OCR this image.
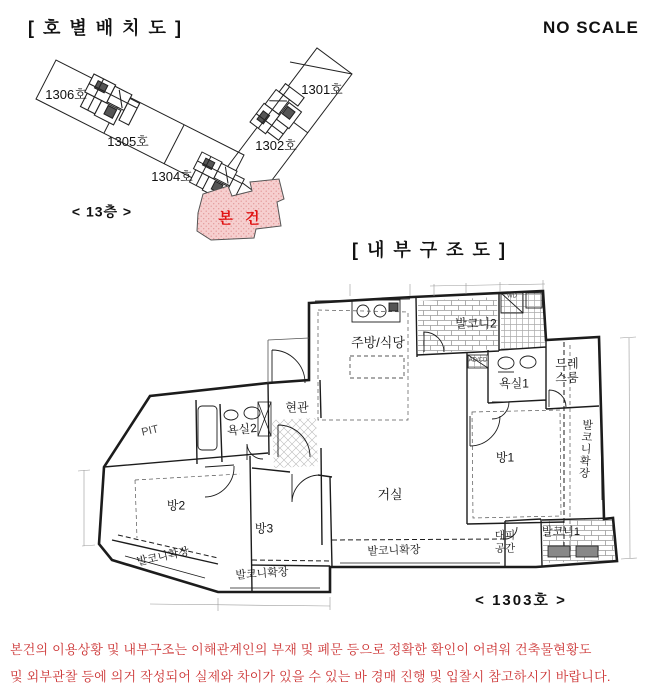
[ 호 별 배 치 도 ]	NO SCALE
1306호
1305호
1304호
1302호
1301호
본 건
< 13층 >
[ 내 부 구 조 도 ]
주방/식당
발코니2
욕실1
드레스룸
방1
거실
현관
욕실2
PIT
방2
방3
발코니확장
발코니확장
발코니확장
발코니확장
대피공간
발코니1
WD
AD/CD
< 1303호 >
본건의 이용상황 및 내부구조는 이해관계인의 부재 및 폐문 등으로 정확한 확인이 어려워 건축물현황도
및 외부관찰 등에 의거 작성되어 실제와 차이가 있을 수 있는 바 경매 진행 및 입찰시 참고하시기 바랍니다.
